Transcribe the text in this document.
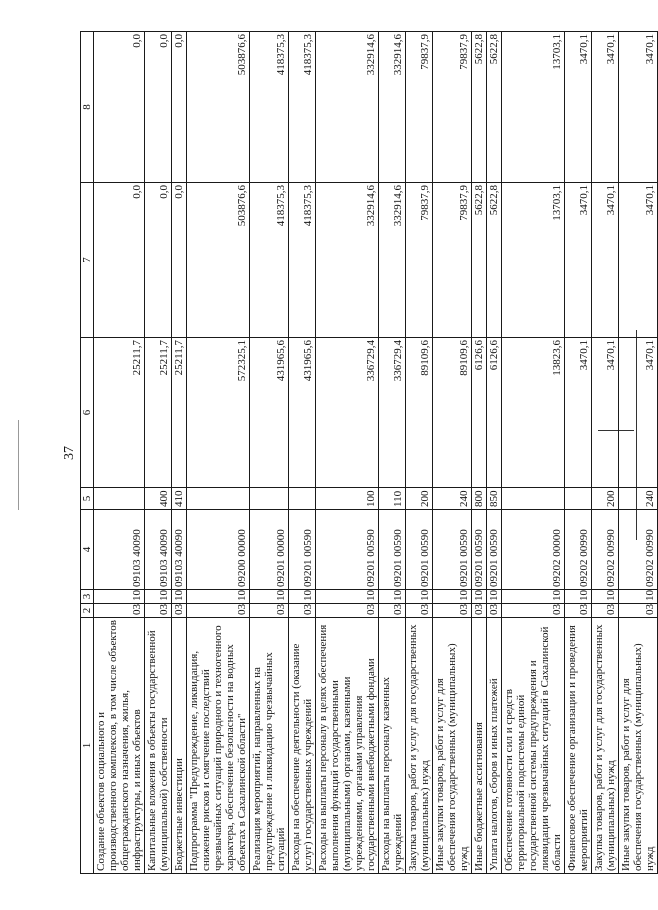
37
1	2	3	4	5	6	7	8
Создание объектов социального и производственного комплексов, в том числе объектов общегражданского назначения, жилья, инфраструктуры, и иных объектов	03	10	09103 40090		25211,7	0,0	0,0
Капитальные вложения в объекты государственной (муниципальной) собственности	03	10	09103 40090	400	25211,7	0,0	0,0
Бюджетные инвестиции	03	10	09103 40090	410	25211,7	0,0	0,0
Подпрограмма "Предупреждение, ликвидация, снижение рисков и смягчение последствий чрезвычайных ситуаций природного и техногенного характера, обеспечение безопасности на водных объектах в Сахалинской области"	03	10	09200 00000		572325,1	503876,6	503876,6
Реализация мероприятий, направленных на предупреждение и ликвидацию чрезвычайных ситуаций	03	10	09201 00000		431965,6	418375,3	418375,3
Расходы на обеспечение деятельности (оказание услуг) государственных учреждений	03	10	09201 00590		431965,6	418375,3	418375,3
Расходы на выплаты персоналу в целях обеспечения выполнения функций государственными (муниципальными) органами, казенными учреждениями, органами управления государственными внебюджетными фондами	03	10	09201 00590	100	336729,4	332914,6	332914,6
Расходы на выплаты персоналу казенных учреждений	03	10	09201 00590	110	336729,4	332914,6	332914,6
Закупка товаров, работ и услуг для государственных (муниципальных) нужд	03	10	09201 00590	200	89109,6	79837,9	79837,9
Иные закупки товаров, работ и услуг для обеспечения государственных (муниципальных) нужд	03	10	09201 00590	240	89109,6	79837,9	79837,9
Иные бюджетные ассигнования	03	10	09201 00590	800	6126,6	5622,8	5622,8
Уплата налогов, сборов и иных платежей	03	10	09201 00590	850	6126,6	5622,8	5622,8
Обеспечение готовности сил и средств территориальной подсистемы единой государственной системы предупреждения и ликвидации чрезвычайных ситуаций в Сахалинской области	03	10	09202 00000		13823,6	13703,1	13703,1
Финансовое обеспечение организации и проведения мероприятий	03	10	09202 00990		3470,1	3470,1	3470,1
Закупка товаров, работ и услуг для государственных (муниципальных) нужд	03	10	09202 00990	200	3470,1	3470,1	3470,1
Иные закупки товаров, работ и услуг для обеспечения государственных (муниципальных) нужд	03	10	09202 00990	240	3470,1	3470,1	3470,1
